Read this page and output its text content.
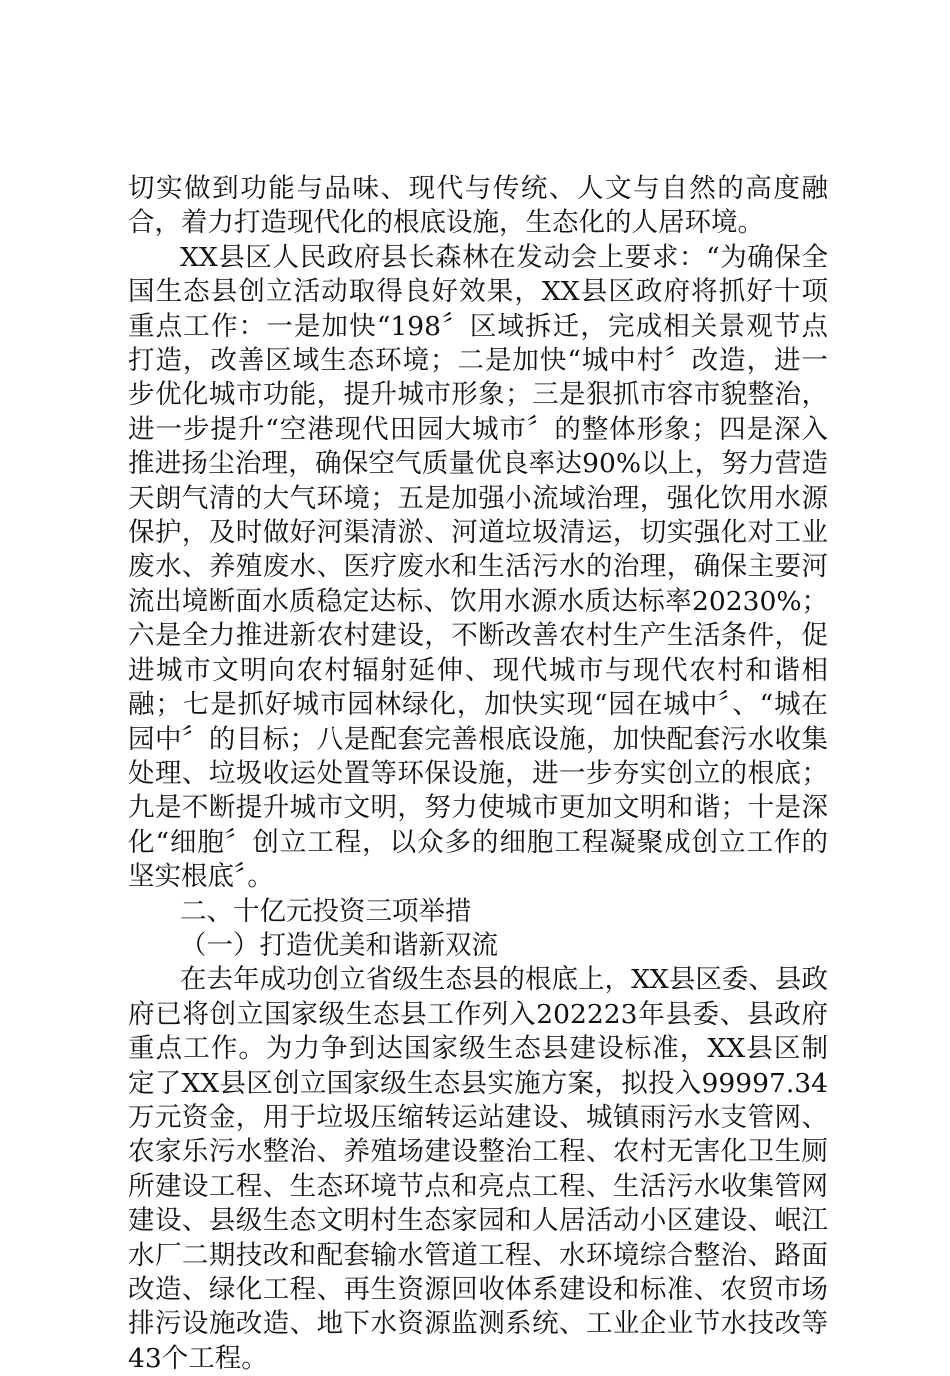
切实做到功能与品味、现代与传统、人文与自然的高度融合，着力打造现代化的根底设施，生态化的人居环境。

XX县区人民政府县长森林在发动会上要求：“为确保全国生态县创立活动取得良好效果，XX县区政府将抓好十项重点工作：一是加快“198〞区域拆迁，完成相关景观节点打造，改善区域生态环境；二是加快“城中村〞改造，进一步优化城市功能，提升城市形象；三是狠抓市容市貌整治，进一步提升“空港现代田园大城市〞的整体形象；四是深入推进扬尘治理，确保空气质量优良率达90%以上，努力营造天朗气清的大气环境；五是加强小流域治理，强化饮用水源保护，及时做好河渠清淤、河道垃圾清运，切实强化对工业废水、养殖废水、医疗废水和生活污水的治理，确保主要河流出境断面水质稳定达标、饮用水源水质达标率20230%；六是全力推进新农村建设，不断改善农村生产生活条件，促进城市文明向农村辐射延伸、现代城市与现代农村和谐相融；七是抓好城市园林绿化，加快实现“园在城中〞、“城在园中〞的目标；八是配套完善根底设施，加快配套污水收集处理、垃圾收运处置等环保设施，进一步夯实创立的根底；九是不断提升城市文明，努力使城市更加文明和谐；十是深化“细胞〞创立工程，以众多的细胞工程凝聚成创立工作的坚实根底〞。

二、十亿元投资三项举措

（一）打造优美和谐新双流

在去年成功创立省级生态县的根底上，XX县区委、县政府已将创立国家级生态县工作列入202223年县委、县政府重点工作。为力争到达国家级生态县建设标准，XX县区制定了XX县区创立国家级生态县实施方案，拟投入99997.34万元资金，用于垃圾压缩转运站建设、城镇雨污水支管网、农家乐污水整治、养殖场建设整治工程、农村无害化卫生厕所建设工程、生态环境节点和亮点工程、生活污水收集管网建设、县级生态文明村生态家园和人居活动小区建设、岷江水厂二期技改和配套输水管道工程、水环境综合整治、路面改造、绿化工程、再生资源回收体系建设和标准、农贸市场排污设施改造、地下水资源监测系统、工业企业节水技改等43个工程。
